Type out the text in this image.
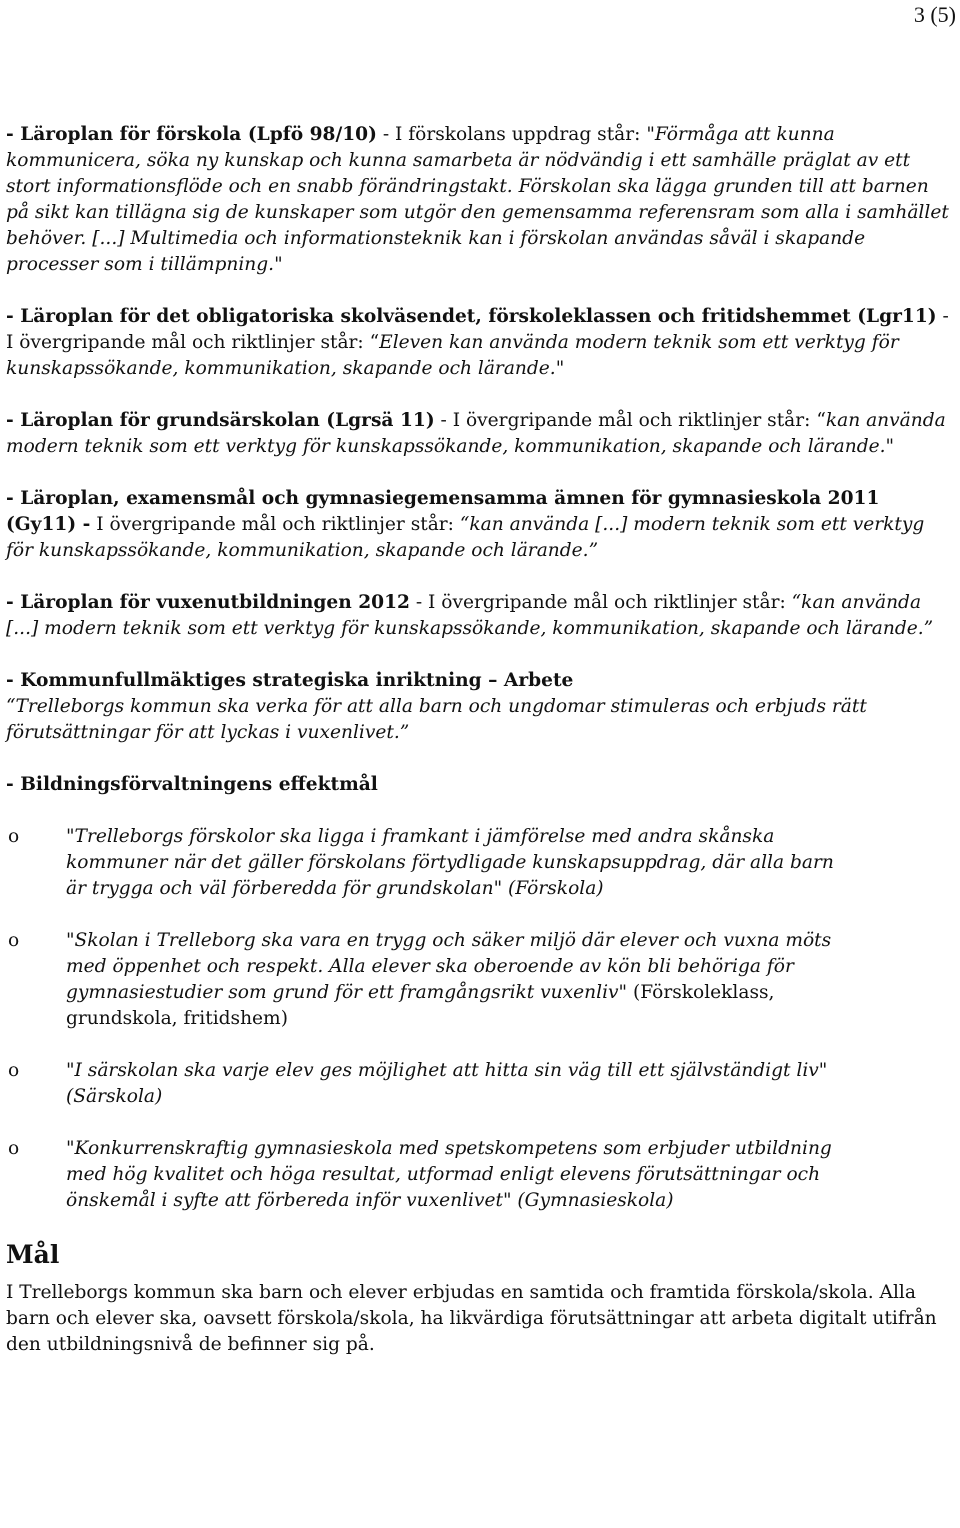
3 (5)

- Läroplan för förskola (Lpfö 98/10) - I förskolans uppdrag står: "Förmåga att kunna kommunicera, söka ny kunskap och kunna samarbeta är nödvändig i ett samhälle präglat av ett stort informationsflöde och en snabb förändringstakt. Förskolan ska lägga grunden till att barnen på sikt kan tillägna sig de kunskaper som utgör den gemensamma referensram som alla i samhället behöver. [...] Multimedia och informationsteknik kan i förskolan användas såväl i skapande processer som i tillämpning."

- Läroplan för det obligatoriska skolväsendet, förskoleklassen och fritidshemmet (Lgr11) - I övergripande mål och riktlinjer står: “Eleven kan använda modern teknik som ett verktyg för kunskapssökande, kommunikation, skapande och lärande."

- Läroplan för grundsärskolan (Lgrsä 11) - I övergripande mål och riktlinjer står: “kan använda modern teknik som ett verktyg för kunskapssökande, kommunikation, skapande och lärande."

- Läroplan, examensmål och gymnasiegemensamma ämnen för gymnasieskola 2011 (Gy11) - I övergripande mål och riktlinjer står: “kan använda [...] modern teknik som ett verktyg för kunskapssökande, kommunikation, skapande och lärande.”

- Läroplan för vuxenutbildningen 2012 - I övergripande mål och riktlinjer står: “kan använda [...] modern teknik som ett verktyg för kunskapssökande, kommunikation, skapande och lärande.”

- Kommunfullmäktiges strategiska inriktning – Arbete
“Trelleborgs kommun ska verka för att alla barn och ungdomar stimuleras och erbjuds rätt förutsättningar för att lyckas i vuxenlivet.”

- Bildningsförvaltningens effektmål

o	"Trelleborgs förskolor ska ligga i framkant i jämförelse med andra skånska kommuner när det gäller förskolans förtydligade kunskapsuppdrag, där alla barn är trygga och väl förberedda för grundskolan" (Förskola)
o	"Skolan i Trelleborg ska vara en trygg och säker miljö där elever och vuxna möts med öppenhet och respekt. Alla elever ska oberoende av kön bli behöriga för gymnasiestudier som grund för ett framgångsrikt vuxenliv" (Förskoleklass, grundskola, fritidshem)
o	"I särskolan ska varje elev ges möjlighet att hitta sin väg till ett självständigt liv" (Särskola)
o	"Konkurrenskraftig gymnasieskola med spetskompetens som erbjuder utbildning med hög kvalitet och höga resultat, utformad enligt elevens förutsättningar och önskemål i syfte att förbereda inför vuxenlivet" (Gymnasieskola)
Mål

I Trelleborgs kommun ska barn och elever erbjudas en samtida och framtida förskola/skola. Alla barn och elever ska, oavsett förskola/skola, ha likvärdiga förutsättningar att arbeta digitalt utifrån den utbildningsnivå de befinner sig på.
